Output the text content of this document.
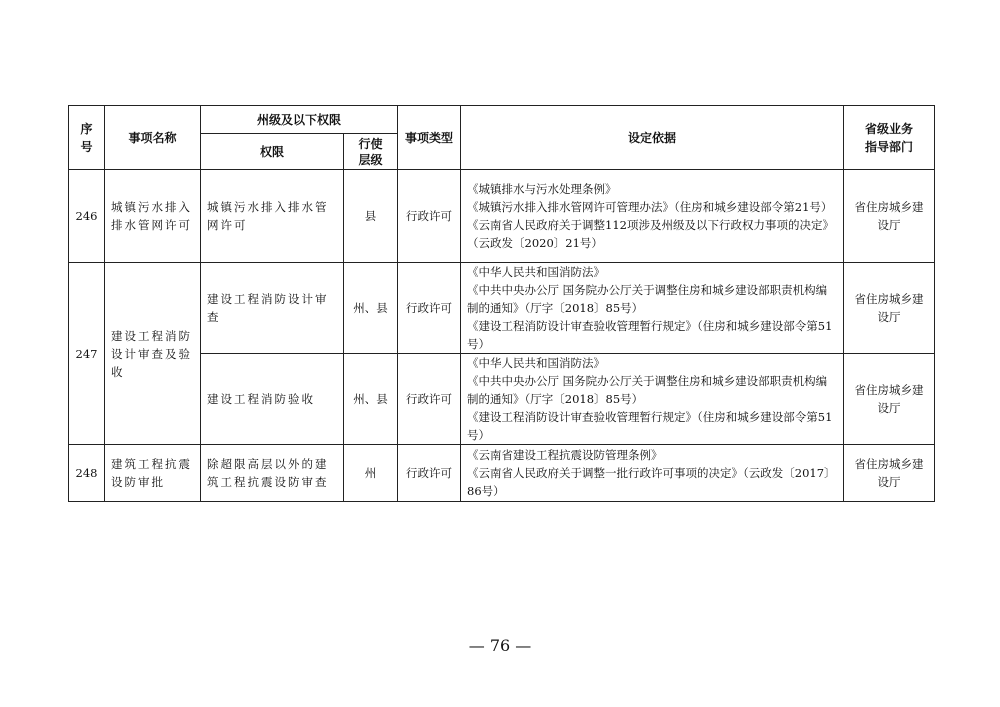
序
号	事项名称	州级及以下权限		事项类型	设定依据	省级业务
指导部门
		权限	行使
层级			
246	城镇污水排入排水管网许可	城镇污水排入排水管网许可	县	行政许可	《城镇排水与污水处理条例》
《城镇污水排入排水管网许可管理办法》（住房和城乡建设部令第21号）
《云南省人民政府关于调整112项涉及州级及以下行政权力事项的决定》（云政发〔2020〕21号）	省住房城乡建设厅
247	建设工程消防设计审查及验收	建设工程消防设计审查	州、县	行政许可	《中华人民共和国消防法》
《中共中央办公厅 国务院办公厅关于调整住房和城乡建设部职责机构编制的通知》（厅字〔2018〕85号）
《建设工程消防设计审查验收管理暂行规定》（住房和城乡建设部令第51号）	省住房城乡建设厅
		建设工程消防验收	州、县	行政许可	《中华人民共和国消防法》
《中共中央办公厅 国务院办公厅关于调整住房和城乡建设部职责机构编制的通知》（厅字〔2018〕85号）
《建设工程消防设计审查验收管理暂行规定》（住房和城乡建设部令第51号）	省住房城乡建设厅
248	建筑工程抗震设防审批	除超限高层以外的建筑工程抗震设防审查	州	行政许可	《云南省建设工程抗震设防管理条例》
《云南省人民政府关于调整一批行政许可事项的决定》（云政发〔2017〕86号）	省住房城乡建设厅
— 76 —
